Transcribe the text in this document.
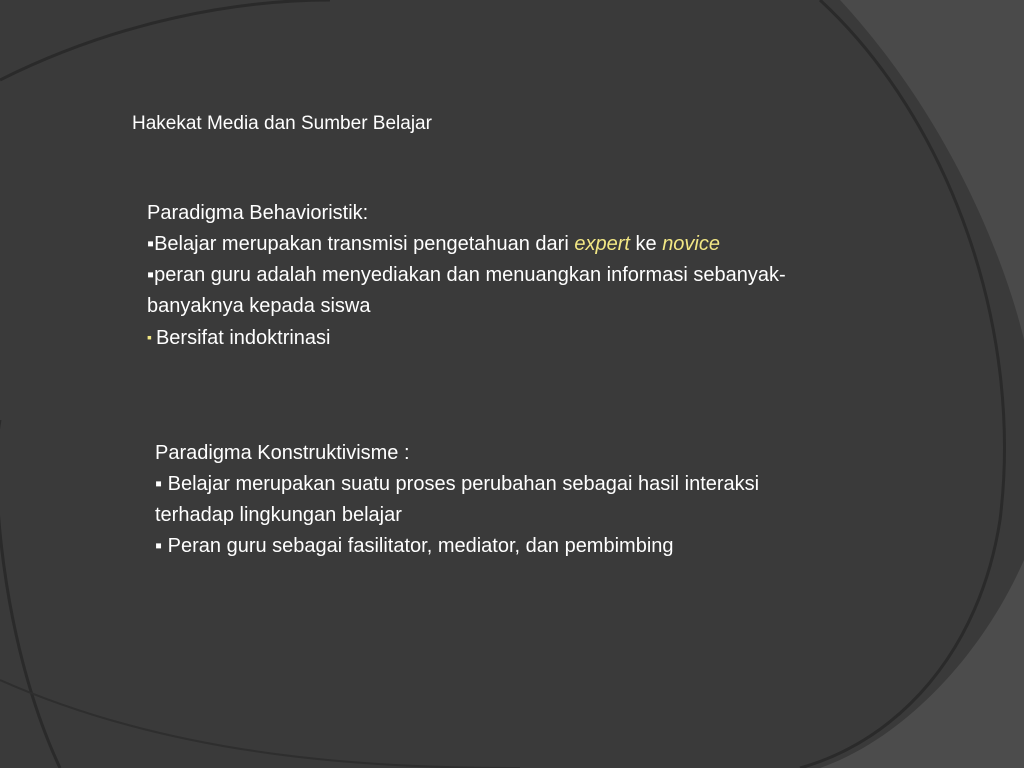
Hakekat Media dan Sumber Belajar

Paradigma Behavioristik:

▪Belajar merupakan transmisi pengetahuan dari expert ke novice

▪peran guru adalah menyediakan dan menuangkan informasi sebanyak-
banyaknya kepada siswa

▪ Bersifat indoktrinasi

Paradigma Konstruktivisme :

▪ Belajar merupakan suatu proses perubahan sebagai hasil interaksi
terhadap lingkungan belajar

▪ Peran guru sebagai fasilitator, mediator, dan pembimbing
